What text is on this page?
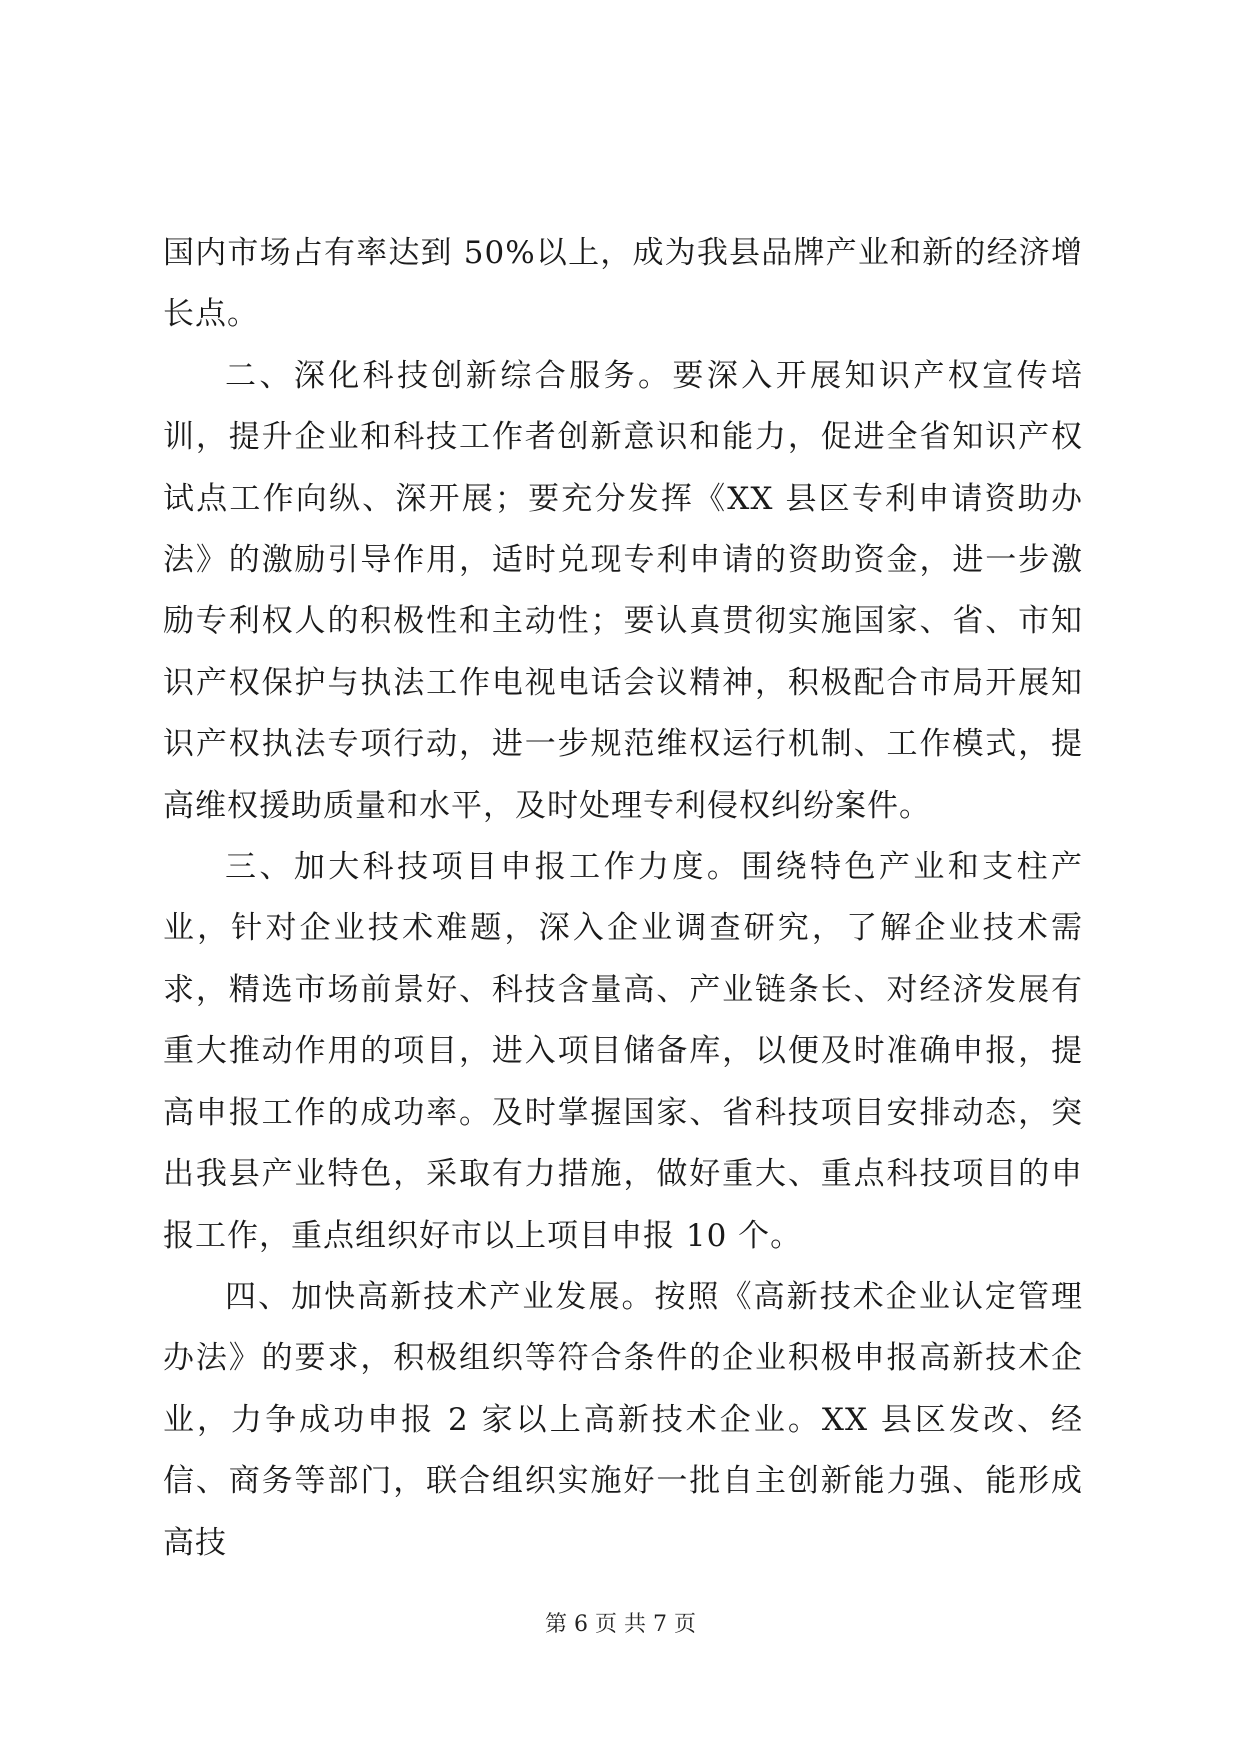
国内市场占有率达到 50%以上，成为我县品牌产业和新的经济增长点。

二、深化科技创新综合服务。要深入开展知识产权宣传培训，提升企业和科技工作者创新意识和能力，促进全省知识产权试点工作向纵、深开展；要充分发挥《XX 县区专利申请资助办法》的激励引导作用，适时兑现专利申请的资助资金，进一步激励专利权人的积极性和主动性；要认真贯彻实施国家、省、市知识产权保护与执法工作电视电话会议精神，积极配合市局开展知识产权执法专项行动，进一步规范维权运行机制、工作模式，提高维权援助质量和水平，及时处理专利侵权纠纷案件。

三、加大科技项目申报工作力度。围绕特色产业和支柱产业，针对企业技术难题，深入企业调查研究，了解企业技术需求，精选市场前景好、科技含量高、产业链条长、对经济发展有重大推动作用的项目，进入项目储备库，以便及时准确申报，提高申报工作的成功率。及时掌握国家、省科技项目安排动态，突出我县产业特色，采取有力措施，做好重大、重点科技项目的申报工作，重点组织好市以上项目申报 10 个。

四、加快高新技术产业发展。按照《高新技术企业认定管理办法》的要求，积极组织等符合条件的企业积极申报高新技术企业，力争成功申报 2 家以上高新技术企业。XX 县区发改、经信、商务等部门，联合组织实施好一批自主创新能力强、能形成高技

第 6 页 共 7 页
